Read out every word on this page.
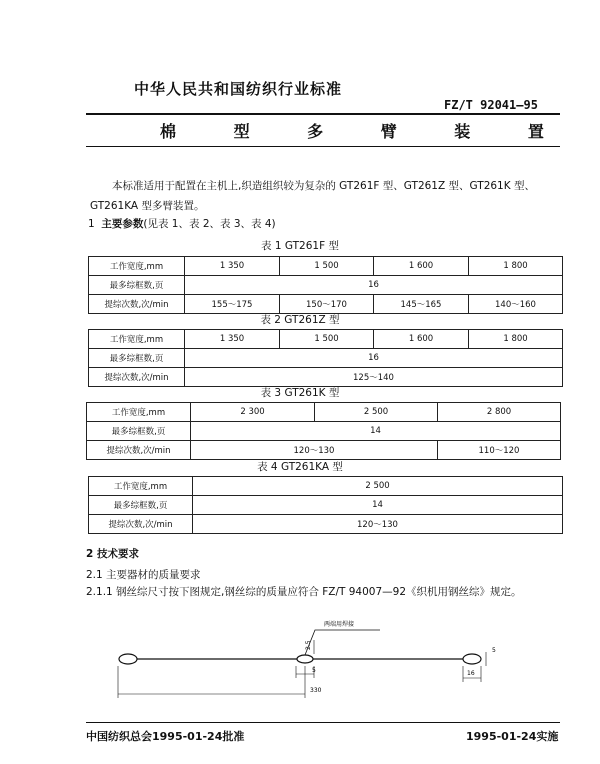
中华人民共和国纺织行业标准
FZ/T 92041—95
棉 型 多 臂 装 置
本标准适用于配置在主机上,织造组织较为复杂的 GT261F 型、GT261Z 型、GT261K 型、GT261KA 型多臂装置。
1 主要参数(见表 1、表 2、表 3、表 4)
表 1 GT261F 型
工作宽度,mm	1 350	1 500	1 600	1 800
最多综框数,页	16			
提综次数,次/min	155～175	150～170	145～165	140～160
表 2 GT261Z 型
工作宽度,mm	1 350	1 500	1 600	1 800
最多综框数,页	16			
提综次数,次/min	125～140			
表 3 GT261K 型
工作宽度,mm	2 300	2 500	2 800
最多综框数,页	14		
提综次数,次/min	120～130		110～120
表 4 GT261KA 型
工作宽度,mm	2 500
最多综框数,页	14
提综次数,次/min	120～130
2 技术要求
2.1 主要器材的质量要求
2.1.1 钢丝综尺寸按下图规定,钢丝综的质量应符合 FZ/T 94007—92《织机用钢丝综》规定。
两端用焊接
2.5
5
5
16
330
中国纺织总会1995-01-24批准	1995-01-24实施
